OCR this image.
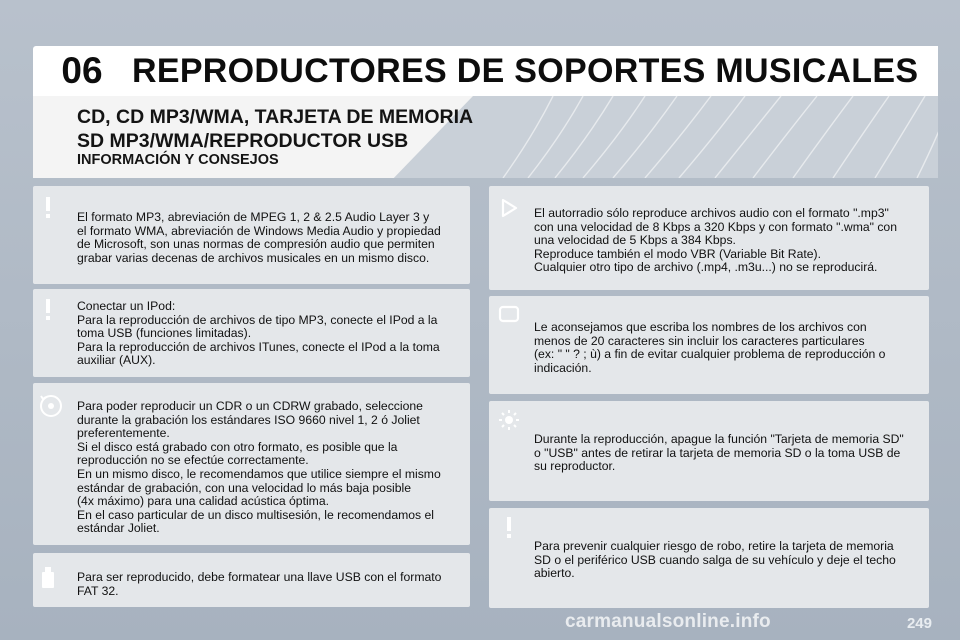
06 REPRODUCTORES DE SOPORTES MUSICALES
CD, CD MP3/WMA, TARJETA DE MEMORIA
SD MP3/WMA/REPRODUCTOR USB
INFORMACIÓN Y CONSEJOS
El formato MP3, abreviación de MPEG 1, 2 & 2.5 Audio Layer 3 y
el formato WMA, abreviación de Windows Media Audio y propiedad
de Microsoft, son unas normas de compresión audio que permiten
grabar varias decenas de archivos musicales en un mismo disco.
Conectar un IPod:
Para la reproducción de archivos de tipo MP3, conecte el IPod a la
toma USB (funciones limitadas).
Para la reproducción de archivos ITunes, conecte el IPod a la toma
auxiliar (AUX).
Para poder reproducir un CDR o un CDRW grabado, seleccione
durante la grabación los estándares ISO 9660 nivel 1, 2 ó Joliet
preferentemente.
Si el disco está grabado con otro formato, es posible que la
reproducción no se efectúe correctamente.
En un mismo disco, le recomendamos que utilice siempre el mismo
estándar de grabación, con una velocidad lo más baja posible
(4x máximo) para una calidad acústica óptima.
En el caso particular de un disco multisesión, le recomendamos el
estándar Joliet.
Para ser reproducido, debe formatear una llave USB con el formato
FAT 32.
El autorradio sólo reproduce archivos audio con el formato ".mp3"
con una velocidad de 8 Kbps a 320 Kbps y con formato ".wma" con
una velocidad de 5 Kbps a 384 Kbps.
Reproduce también el modo VBR (Variable Bit Rate).
Cualquier otro tipo de archivo (.mp4, .m3u...) no se reproducirá.
Le aconsejamos que escriba los nombres de los archivos con
menos de 20 caracteres sin incluir los caracteres particulares
(ex: " " ? ; ù) a fin de evitar cualquier problema de reproducción o
indicación.
Durante la reproducción, apague la función "Tarjeta de memoria SD"
o "USB" antes de retirar la tarjeta de memoria SD o la toma USB de
su reproductor.
Para prevenir cualquier riesgo de robo, retire la tarjeta de memoria
SD o el periférico USB cuando salga de su vehículo y deje el techo
abierto.
249
carmanualsonline.info
